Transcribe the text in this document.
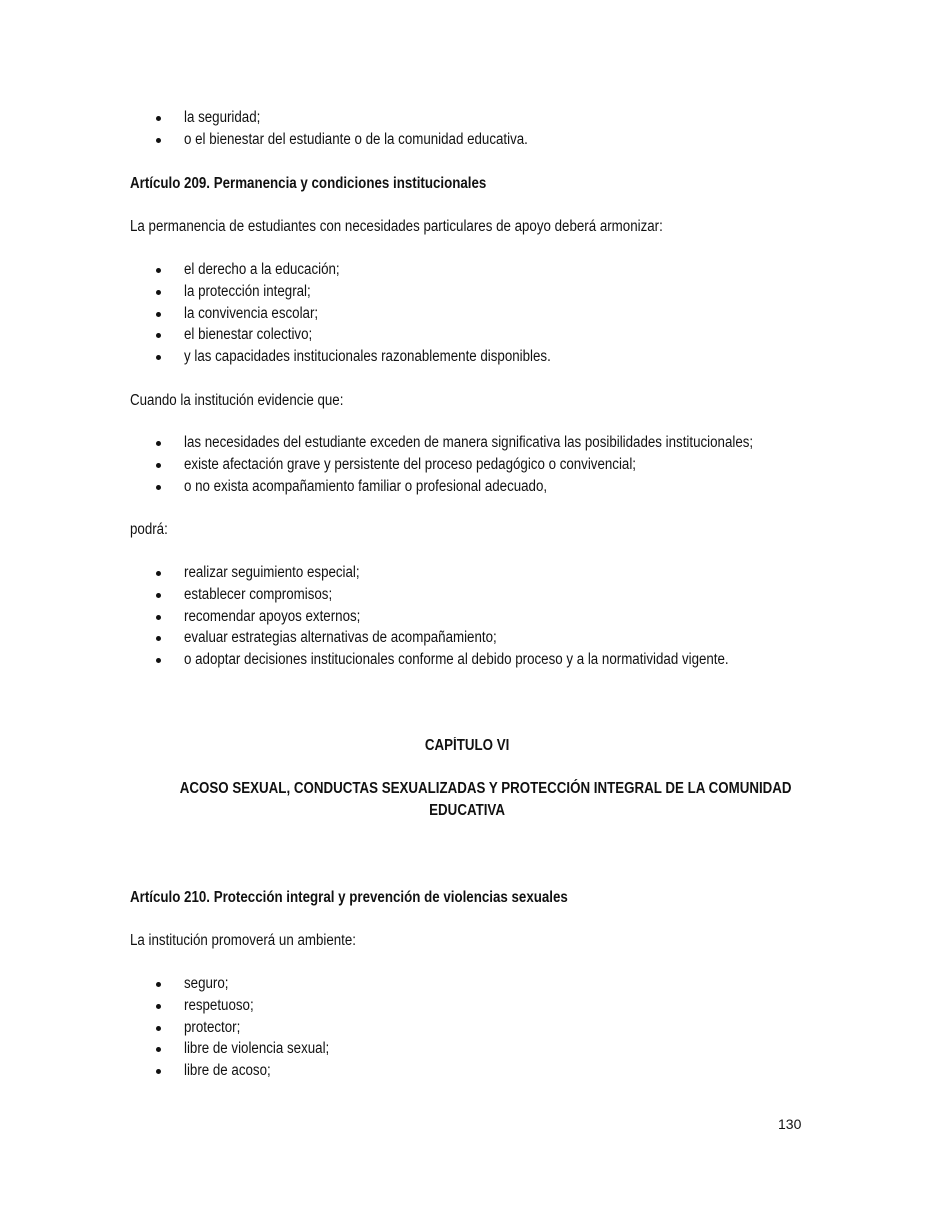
la seguridad;
o el bienestar del estudiante o de la comunidad educativa.
Artículo 209. Permanencia y condiciones institucionales
La permanencia de estudiantes con necesidades particulares de apoyo deberá armonizar:
el derecho a la educación;
la protección integral;
la convivencia escolar;
el bienestar colectivo;
y las capacidades institucionales razonablemente disponibles.
Cuando la institución evidencie que:
las necesidades del estudiante exceden de manera significativa las posibilidades institucionales;
existe afectación grave y persistente del proceso pedagógico o convivencial;
o no exista acompañamiento familiar o profesional adecuado,
podrá:
realizar seguimiento especial;
establecer compromisos;
recomendar apoyos externos;
evaluar estrategias alternativas de acompañamiento;
o adoptar decisiones institucionales conforme al debido proceso y a la normatividad vigente.
CAPÍTULO VI
ACOSO SEXUAL, CONDUCTAS SEXUALIZADAS Y PROTECCIÓN INTEGRAL DE LA COMUNIDAD
EDUCATIVA
Artículo 210. Protección integral y prevención de violencias sexuales
La institución promoverá un ambiente:
seguro;
respetuoso;
protector;
libre de violencia sexual;
libre de acoso;
130
